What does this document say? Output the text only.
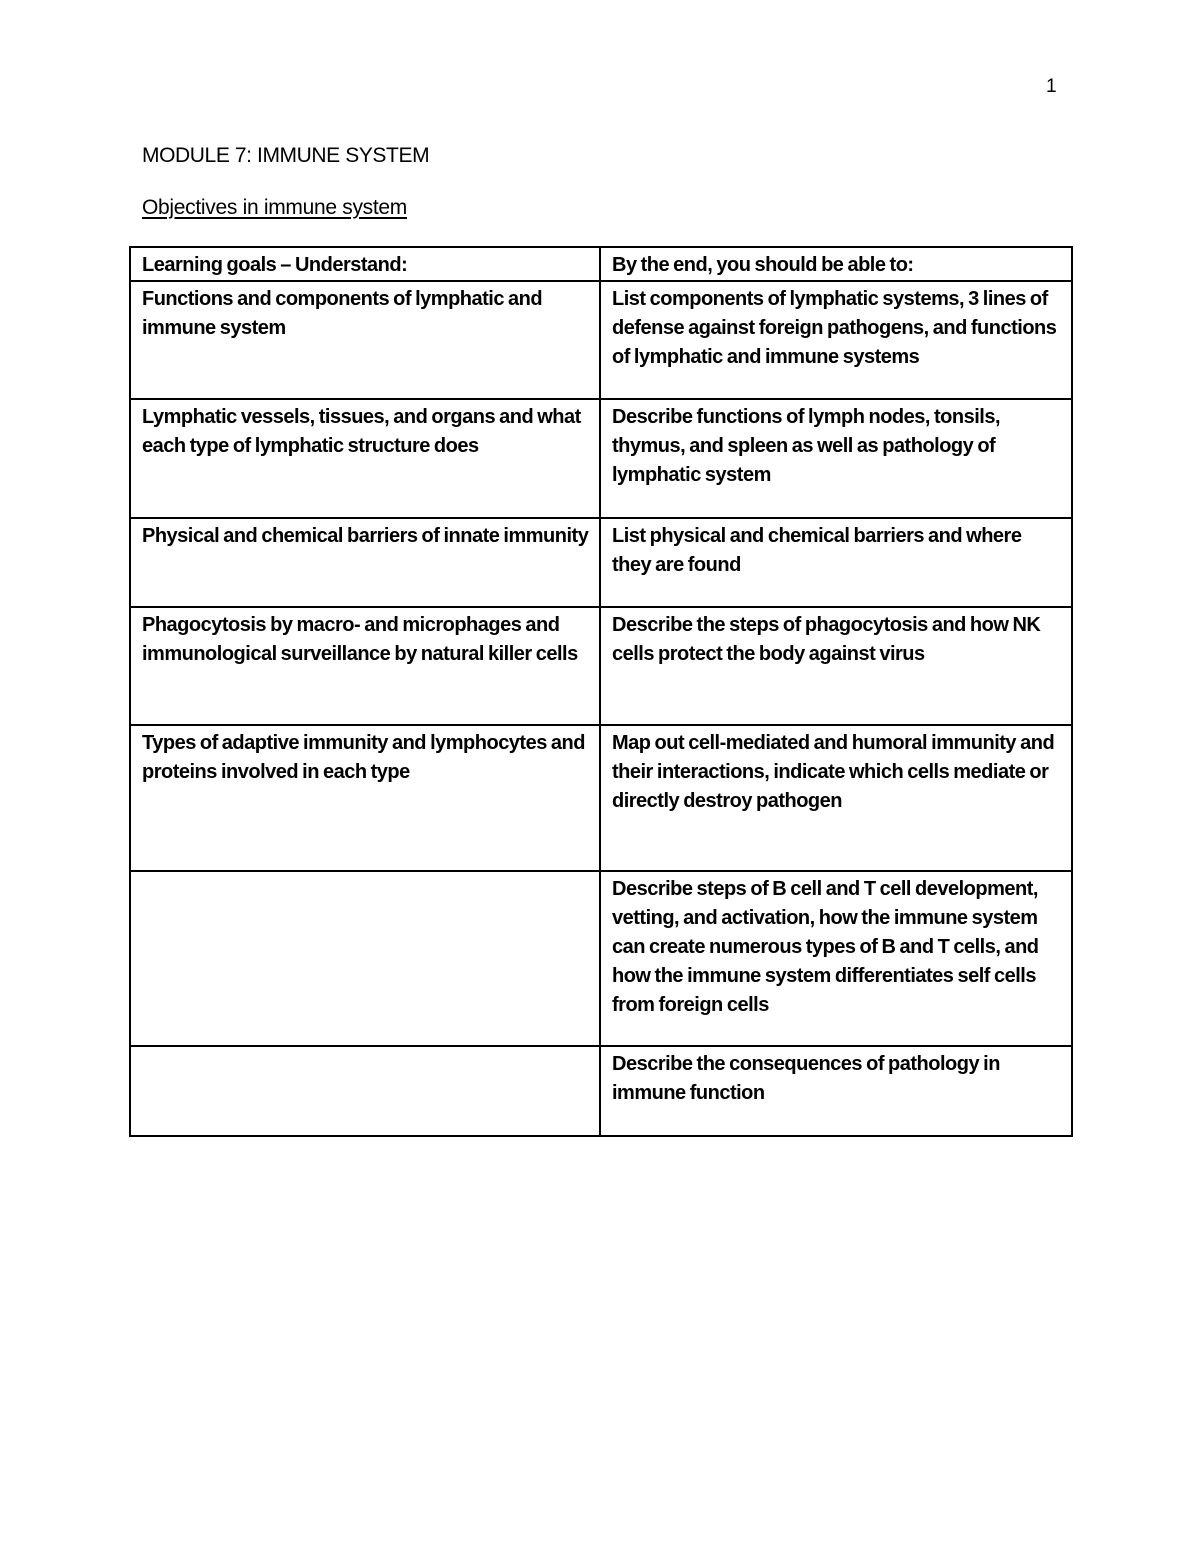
1
MODULE 7: IMMUNE SYSTEM
Objectives in immune system
Learning goals – Understand:	By the end, you should be able to:
Functions and components of lymphatic and immune system	List components of lymphatic systems, 3 lines of defense against foreign pathogens, and functions of lymphatic and immune systems
Lymphatic vessels, tissues, and organs and what each type of lymphatic structure does	Describe functions of lymph nodes, tonsils, thymus, and spleen as well as pathology of lymphatic system
Physical and chemical barriers of innate immunity	List physical and chemical barriers and where they are found
Phagocytosis by macro- and microphages and immunological surveillance by natural killer cells	Describe the steps of phagocytosis and how NK cells protect the body against virus
Types of adaptive immunity and lymphocytes and proteins involved in each type	Map out cell-mediated and humoral immunity and their interactions, indicate which cells mediate or directly destroy pathogen
	Describe steps of B cell and T cell development, vetting, and activation, how the immune system can create numerous types of B and T cells, and how the immune system differentiates self cells from foreign cells
	Describe the consequences of pathology in immune function
